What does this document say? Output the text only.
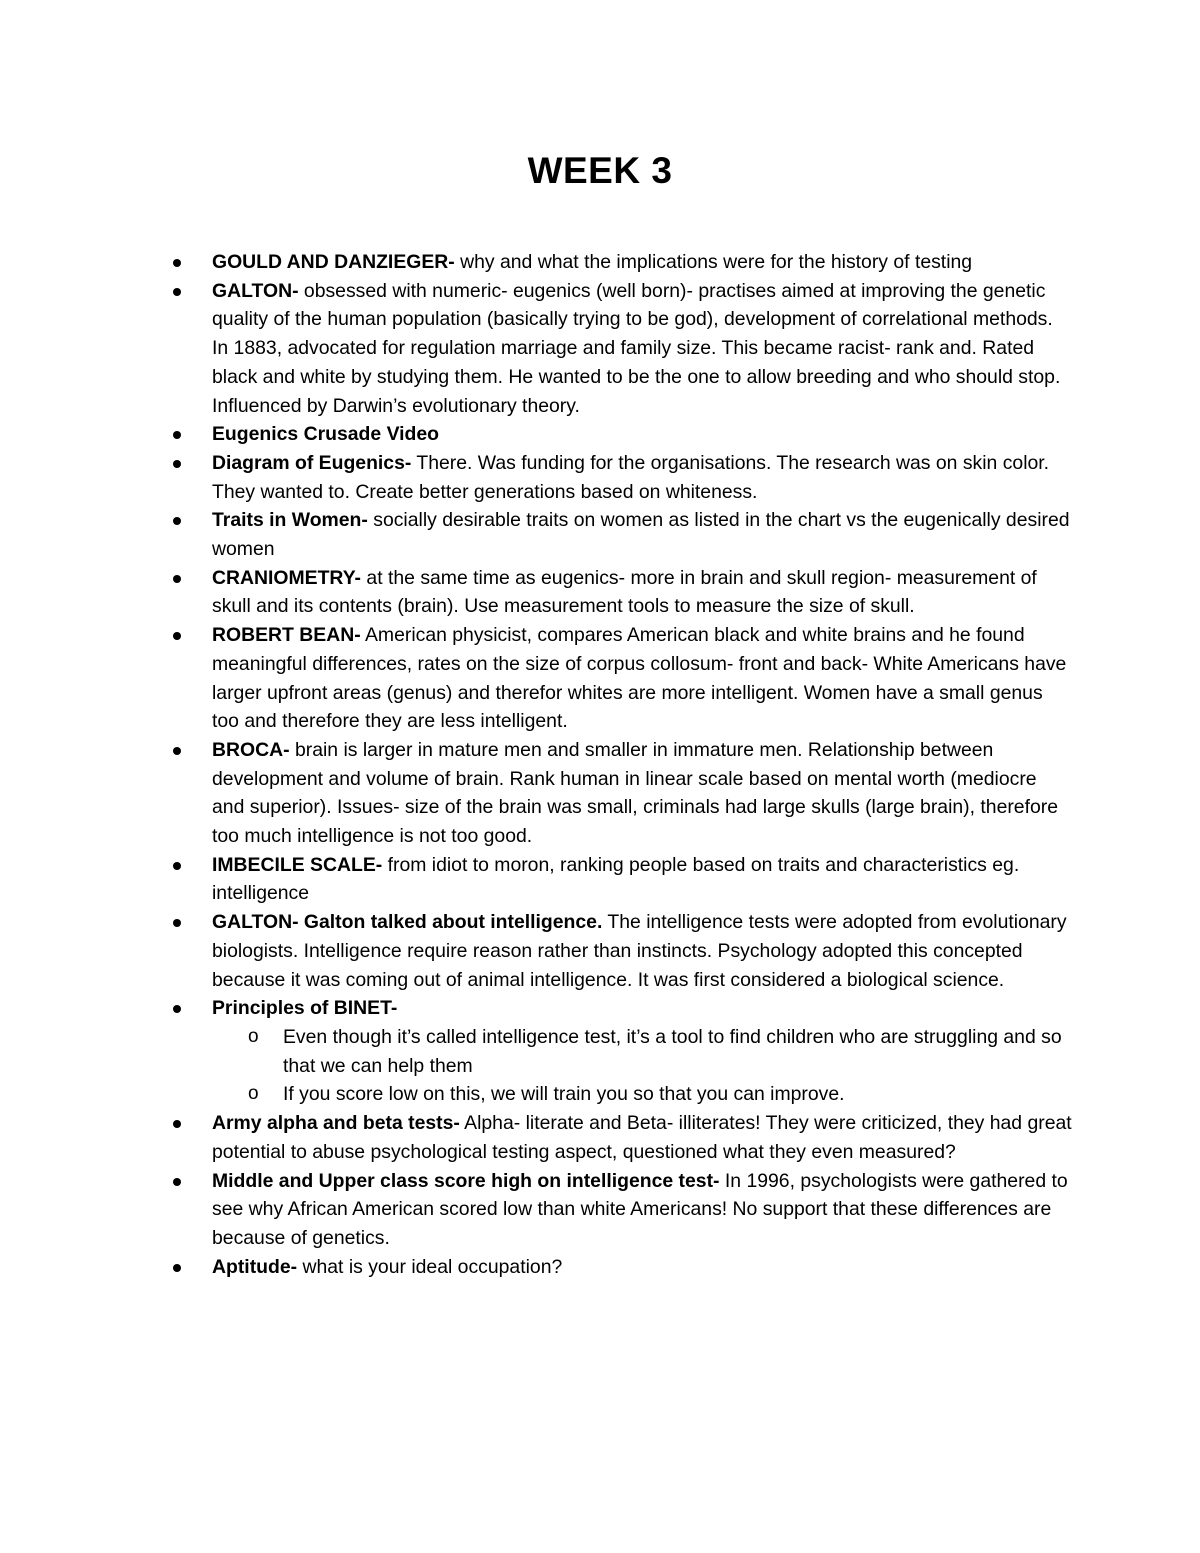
WEEK 3
GOULD AND DANZIEGER- why and what the implications were for the history of testing
GALTON- obsessed with numeric- eugenics (well born)- practises aimed at improving the genetic quality of the human population (basically trying to be god), development of correlational methods. In 1883, advocated for regulation marriage and family size. This became racist- rank and. Rated black and white by studying them. He wanted to be the one to allow breeding and who should stop. Influenced by Darwin’s evolutionary theory.
Eugenics Crusade Video
Diagram of Eugenics- There. Was funding for the organisations. The research was on skin color. They wanted to. Create better generations based on whiteness.
Traits in Women- socially desirable traits on women as listed in the chart vs the eugenically desired women
CRANIOMETRY- at the same time as eugenics- more in brain and skull region- measurement of skull and its contents (brain). Use measurement tools to measure the size of skull.
ROBERT BEAN- American physicist, compares American black and white brains and he found meaningful differences, rates on the size of corpus collosum- front and back- White Americans have larger upfront areas (genus) and therefor whites are more intelligent. Women have a small genus too and therefore they are less intelligent.
BROCA- brain is larger in mature men and smaller in immature men. Relationship between development and volume of brain. Rank human in linear scale based on mental worth (mediocre and superior). Issues- size of the brain was small, criminals had large skulls (large brain), therefore too much intelligence is not too good.
IMBECILE SCALE- from idiot to moron, ranking people based on traits and characteristics eg. intelligence
GALTON- Galton talked about intelligence. The intelligence tests were adopted from evolutionary biologists. Intelligence require reason rather than instincts. Psychology adopted this concepted because it was coming out of animal intelligence. It was first considered a biological science.
Principles of BINET-
o Even though it’s called intelligence test, it’s a tool to find children who are struggling and so that we can help them
o If you score low on this, we will train you so that you can improve.
Army alpha and beta tests- Alpha- literate and Beta- illiterates! They were criticized, they had great potential to abuse psychological testing aspect, questioned what they even measured?
Middle and Upper class score high on intelligence test- In 1996, psychologists were gathered to see why African American scored low than white Americans! No support that these differences are because of genetics.
Aptitude- what is your ideal occupation?
